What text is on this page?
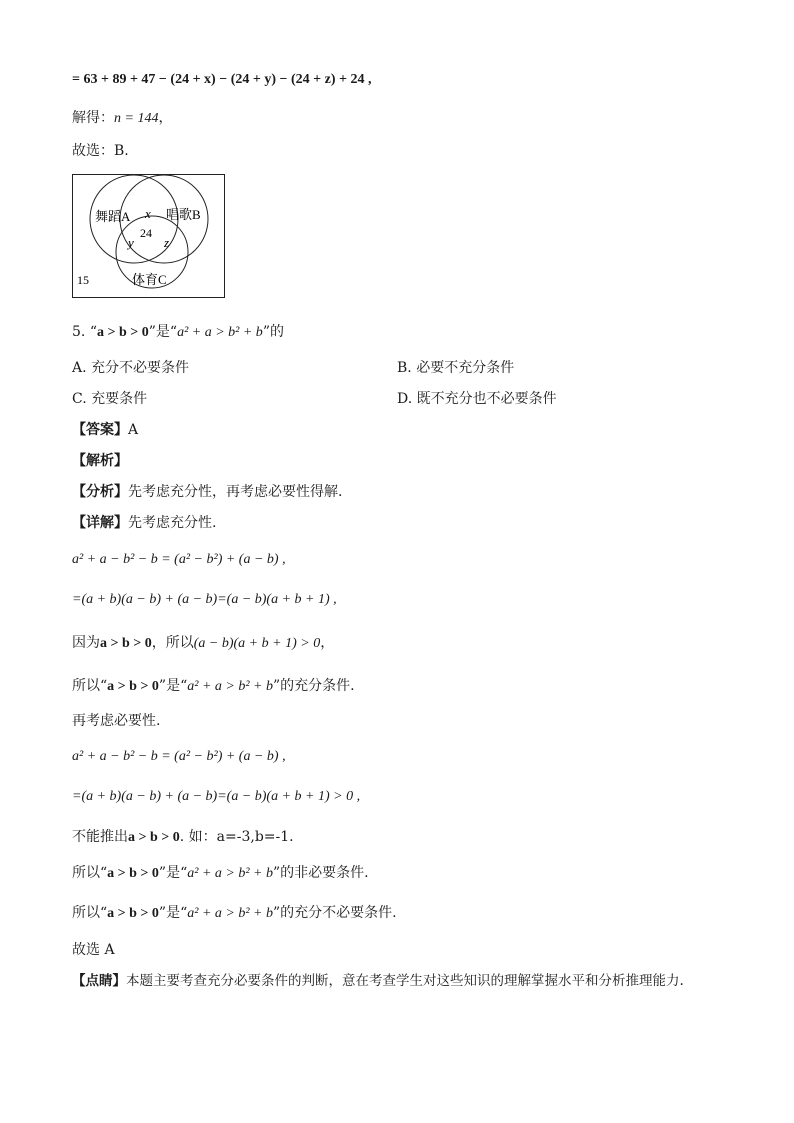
= 63 + 89 + 47 − (24 + x) − (24 + y) − (24 + z) + 24 ,
解得：n = 144，
故选：B.
舞蹈A	唱歌B
x
24
y z
体育C
15
5. “a > b > 0”是“a² + a > b² + b”的
A. 充分不必要条件	B. 必要不充分条件
C. 充要条件	D. 既不充分也不必要条件
【答案】A
【解析】
【分析】先考虑充分性，再考虑必要性得解.
【详解】先考虑充分性.
a² + a − b² − b = (a² − b²) + (a − b) ,
=(a + b)(a − b) + (a − b)=(a − b)(a + b + 1) ,
因为a > b > 0，所以(a − b)(a + b + 1) > 0，
所以“a > b > 0”是“a² + a > b² + b”的充分条件.
再考虑必要性.
a² + a − b² − b = (a² − b²) + (a − b) ,
=(a + b)(a − b) + (a − b)=(a − b)(a + b + 1) > 0 ,
不能推出a > b > 0. 如：a=-3,b=-1.
所以“a > b > 0”是“a² + a > b² + b”的非必要条件.
所以“a > b > 0”是“a² + a > b² + b”的充分不必要条件.
故选 A
【点睛】本题主要考查充分必要条件的判断，意在考查学生对这些知识的理解掌握水平和分析推理能力.
